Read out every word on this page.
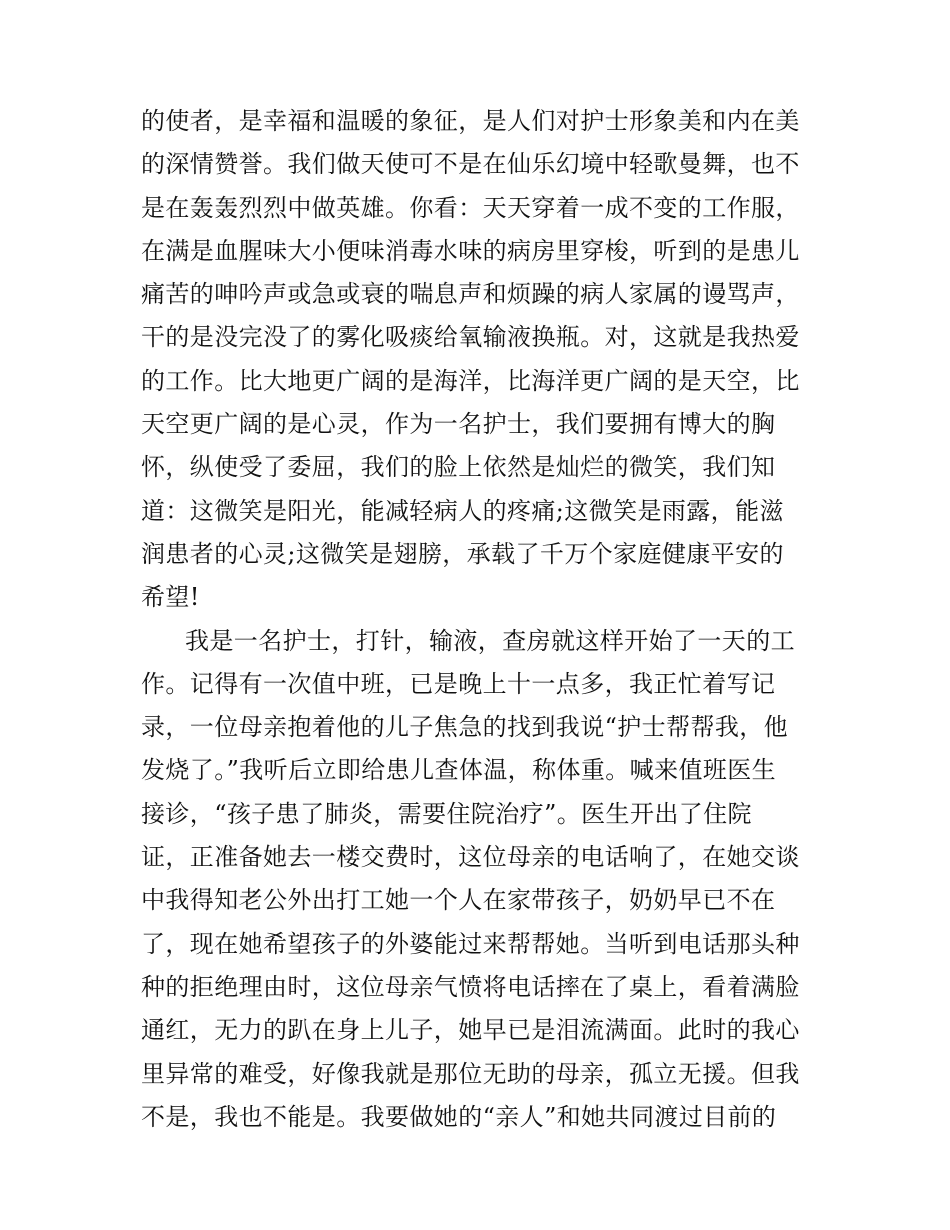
的使者，是幸福和温暖的象征，是人们对护士形象美和内在美
的深情赞誉。我们做天使可不是在仙乐幻境中轻歌曼舞，也不
是在轰轰烈烈中做英雄。你看：天天穿着一成不变的工作服，
在满是血腥味大小便味消毒水味的病房里穿梭，听到的是患儿
痛苦的呻吟声或急或衰的喘息声和烦躁的病人家属的谩骂声，
干的是没完没了的雾化吸痰给氧输液换瓶。对，这就是我热爱
的工作。比大地更广阔的是海洋，比海洋更广阔的是天空，比
天空更广阔的是心灵，作为一名护士，我们要拥有博大的胸
怀，纵使受了委屈，我们的脸上依然是灿烂的微笑，我们知
道：这微笑是阳光，能减轻病人的疼痛;这微笑是雨露，能滋
润患者的心灵;这微笑是翅膀，承载了千万个家庭健康平安的
希望!
我是一名护士，打针，输液，查房就这样开始了一天的工
作。记得有一次值中班，已是晚上十一点多，我正忙着写记
录，一位母亲抱着他的儿子焦急的找到我说“护士帮帮我，他
发烧了。”我听后立即给患儿查体温，称体重。喊来值班医生
接诊，“孩子患了肺炎，需要住院治疗”。医生开出了住院
证，正准备她去一楼交费时，这位母亲的电话响了，在她交谈
中我得知老公外出打工她一个人在家带孩子，奶奶早已不在
了，现在她希望孩子的外婆能过来帮帮她。当听到电话那头种
种的拒绝理由时，这位母亲气愤将电话摔在了桌上，看着满脸
通红，无力的趴在身上儿子，她早已是泪流满面。此时的我心
里异常的难受，好像我就是那位无助的母亲，孤立无援。但我
不是，我也不能是。我要做她的“亲人”和她共同渡过目前的
